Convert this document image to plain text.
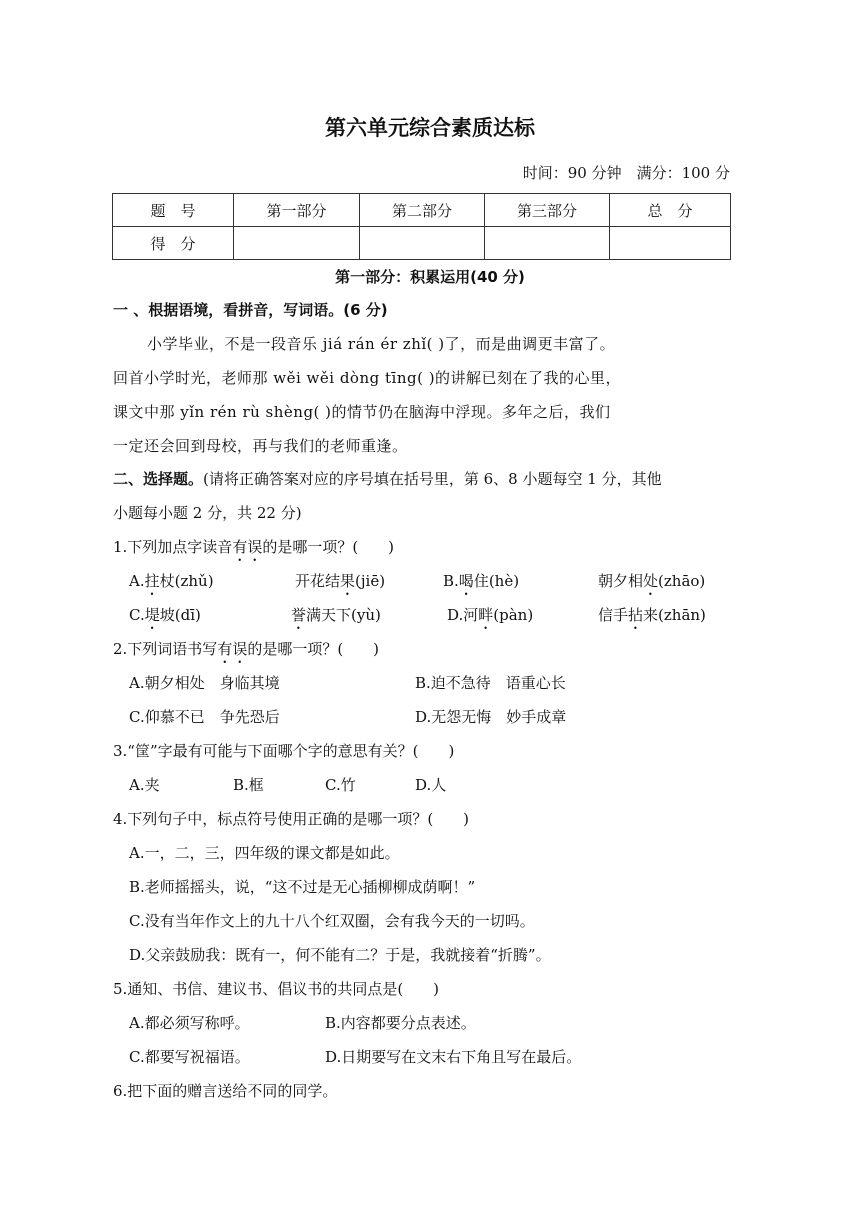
第六单元综合素质达标
时间：90 分钟　满分：100 分
题　号	第一部分	第二部分	第三部分	总　分
得　分				
第一部分：积累运用(40 分)
一 、根据语境，看拼音，写词语。(6 分)
小学毕业，不是一段音乐 jiá rán ér zhǐ( )了，而是曲调更丰富了。
回首小学时光，老师那 wěi wěi dòng tīng( )的讲解已刻在了我的心里，
课文中那 yǐn rén rù shèng( )的情节仍在脑海中浮现。多年之后，我们
一定还会回到母校，再与我们的老师重逢。
二、选择题。(请将正确答案对应的序号填在括号里，第 6、8 小题每空 1 分，其他
小题每小题 2 分，共 22 分)
1.下列加点字读音有误的是哪一项？(　　)
A.拄杖(zhǔ)	开花结果(jiē)	B.喝住(hè)	朝夕相处(zhāo)
C.堤坡(dī)	誉满天下(yù)	D.河畔(pàn)	信手拈来(zhān)
2.下列词语书写有误的是哪一项？(　　)
A.朝夕相处　身临其境	B.迫不急待　语重心长
C.仰慕不已　争先恐后	D.无怨无悔　妙手成章
3.“筐”字最有可能与下面哪个字的意思有关？(　　)
A.夹	B.框	C.竹	D.人
4.下列句子中，标点符号使用正确的是哪一项？(　　)
A.一，二，三，四年级的课文都是如此。
B.老师摇摇头，说，“这不过是无心插柳柳成荫啊！”
C.没有当年作文上的九十八个红双圈，会有我今天的一切吗。
D.父亲鼓励我：既有一，何不能有二？于是，我就接着“折腾”。
5.通知、书信、建议书、倡议书的共同点是(　　)
A.都必须写称呼。	B.内容都要分点表述。
C.都要写祝福语。	D.日期要写在文末右下角且写在最后。
6.把下面的赠言送给不同的同学。
